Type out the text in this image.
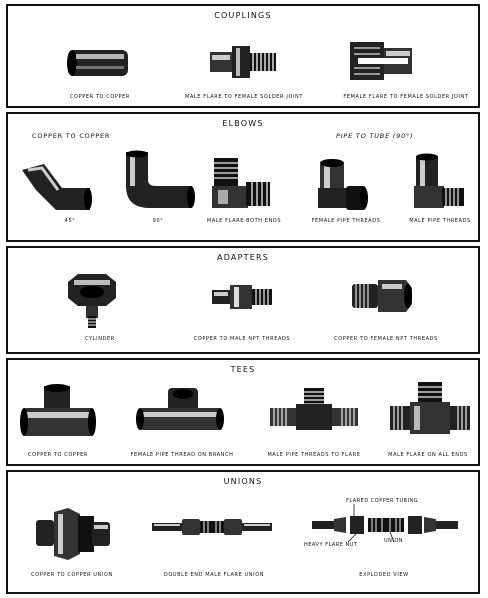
COUPLINGS
COPPER TO COPPER	MALE FLARE TO FEMALE SOLDER JOINT	FEMALE FLARE TO FEMALE SOLDER JOINT
ELBOWS
COPPER TO COPPER	PIPE TO TUBE (90°)
45°	90°	MALE FLARE BOTH ENDS	FEMALE PIPE THREADS	MALE PIPE THREADS
ADAPTERS
CYLINDER	COPPER TO MALE NPT THREADS	COPPER TO FEMALE NPT THREADS
TEES
COPPER TO COPPER	FEMALE PIPE THREAD ON BRANCH	MALE PIPE THREADS TO FLARE	MALE FLARE ON ALL ENDS
UNIONS
COPPER TO COPPER UNION	DOUBLE END MALE FLARE UNION
FLARED COPPER TUBING
HEAVY FLARE NUT
UNION
EXPLODED VIEW
